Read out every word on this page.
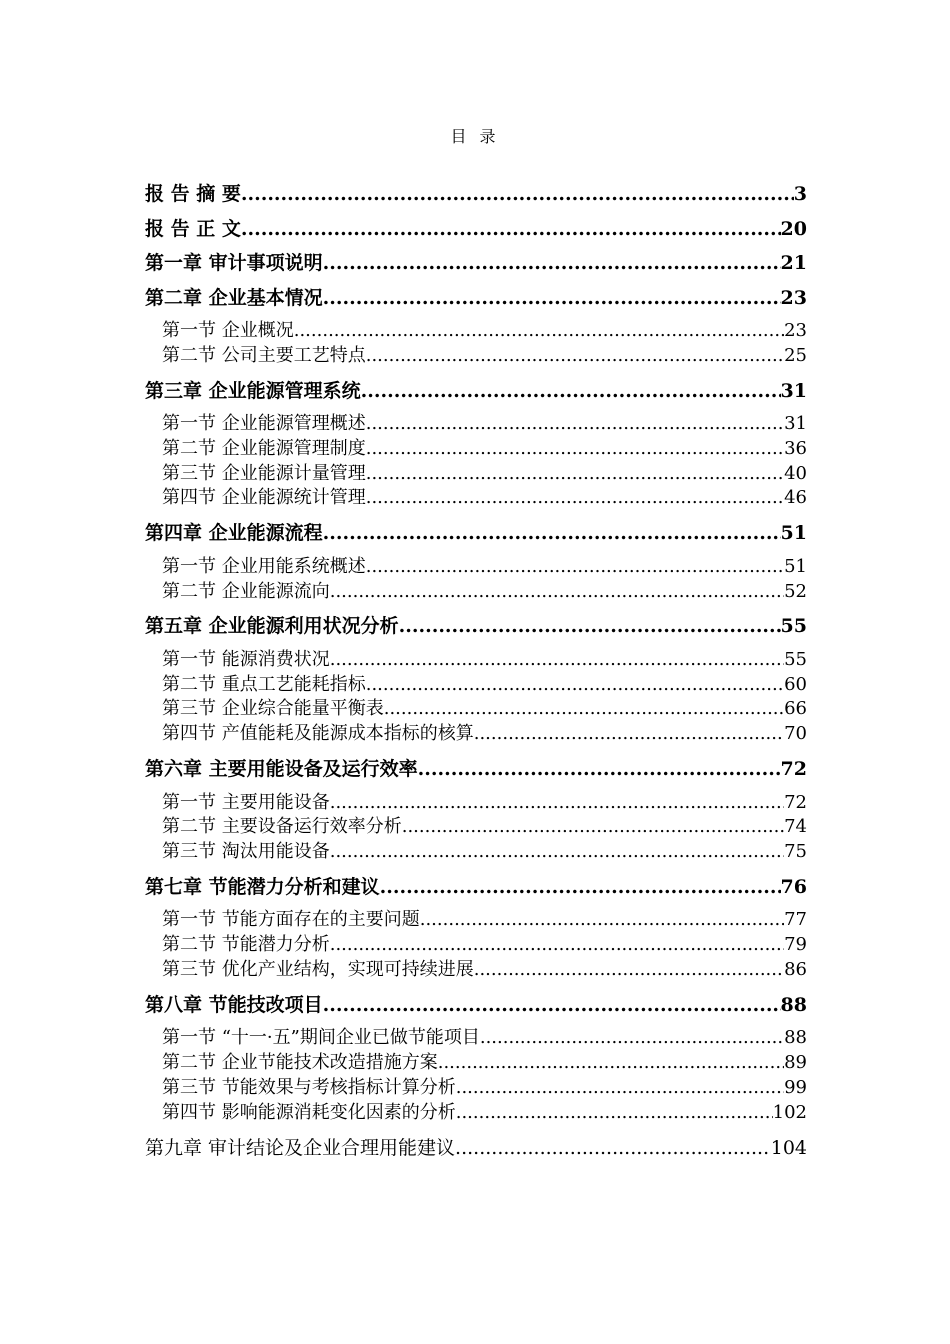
目 录
报 告 摘 要 .....	3
报 告 正 文 .....	20
第一章 审计事项说明 .....	21
第二章 企业基本情况 .....	23
第一节 企业概况 .....	23
第二节 公司主要工艺特点 .....	25
第三章 企业能源管理系统 .....	31
第一节 企业能源管理概述 .....	31
第二节 企业能源管理制度 .....	36
第三节 企业能源计量管理 .....	40
第四节 企业能源统计管理 .....	46
第四章 企业能源流程 .....	51
第一节 企业用能系统概述 .....	51
第二节 企业能源流向 .....	52
第五章 企业能源利用状况分析 .....	55
第一节 能源消费状况 .....	55
第二节 重点工艺能耗指标 .....	60
第三节 企业综合能量平衡表 .....	66
第四节 产值能耗及能源成本指标的核算 .....	70
第六章 主要用能设备及运行效率 .....	72
第一节 主要用能设备 .....	72
第二节 主要设备运行效率分析 .....	74
第三节 淘汰用能设备 .....	75
第七章 节能潜力分析和建议 .....	76
第一节 节能方面存在的主要问题 .....	77
第二节 节能潜力分析 .....	79
第三节 优化产业结构，实现可持续进展 .....	86
第八章 节能技改项目 .....	88
第一节 “十一·五”期间企业已做节能项目 .....	88
第二节 企业节能技术改造措施方案 .....	89
第三节 节能效果与考核指标计算分析 .....	99
第四节 影响能源消耗变化因素的分析 .....	102
第九章 审计结论及企业合理用能建议 .....	104
